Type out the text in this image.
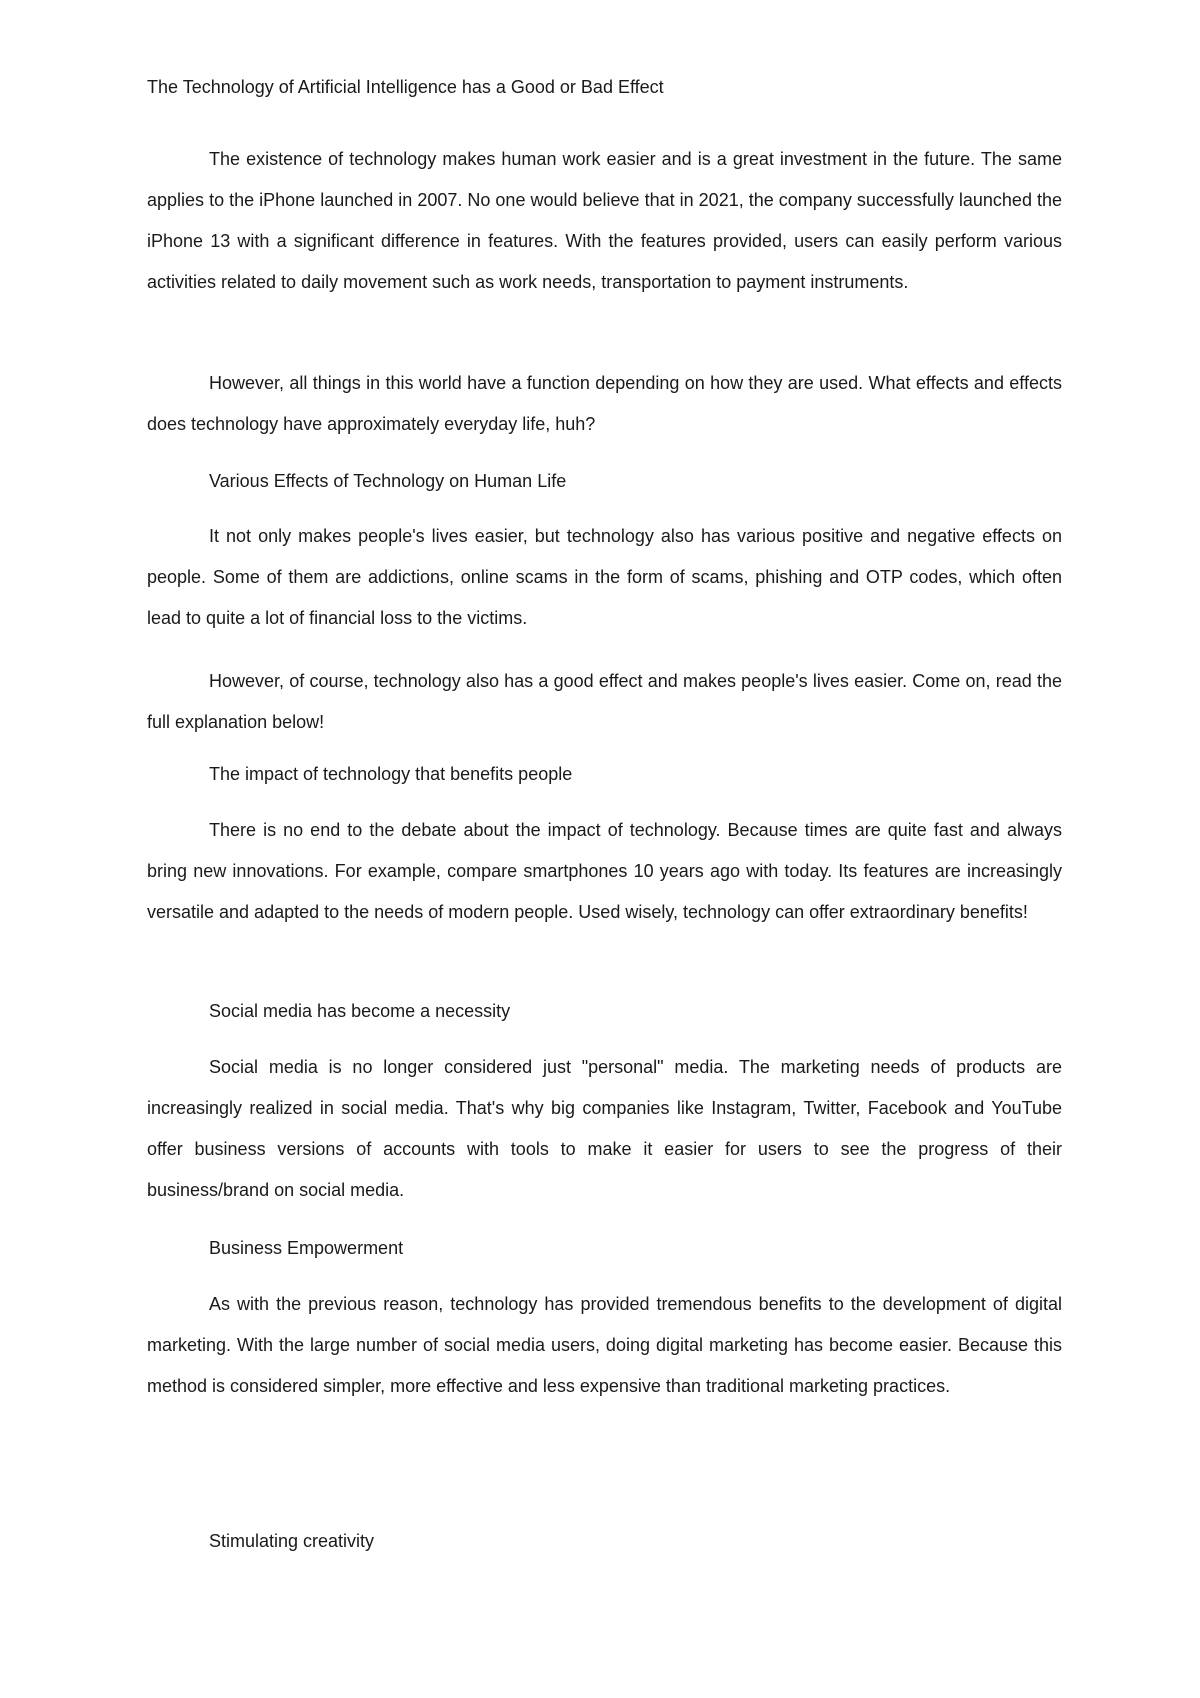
The Technology of Artificial Intelligence has a Good or Bad Effect

The existence of technology makes human work easier and is a great investment in the future. The same applies to the iPhone launched in 2007. No one would believe that in 2021, the company successfully launched the iPhone 13 with a significant difference in features. With the features provided, users can easily perform various activities related to daily movement such as work needs, transportation to payment instruments.

However, all things in this world have a function depending on how they are used. What effects and effects does technology have approximately everyday life, huh?

Various Effects of Technology on Human Life

It not only makes people's lives easier, but technology also has various positive and negative effects on people. Some of them are addictions, online scams in the form of scams, phishing and OTP codes, which often lead to quite a lot of financial loss to the victims.

However, of course, technology also has a good effect and makes people's lives easier. Come on, read the full explanation below!

The impact of technology that benefits people

There is no end to the debate about the impact of technology. Because times are quite fast and always bring new innovations. For example, compare smartphones 10 years ago with today. Its features are increasingly versatile and adapted to the needs of modern people. Used wisely, technology can offer extraordinary benefits!

Social media has become a necessity

Social media is no longer considered just "personal" media. The marketing needs of products are increasingly realized in social media. That's why big companies like Instagram, Twitter, Facebook and YouTube offer business versions of accounts with tools to make it easier for users to see the progress of their business/brand on social media.

Business Empowerment

As with the previous reason, technology has provided tremendous benefits to the development of digital marketing. With the large number of social media users, doing digital marketing has become easier. Because this method is considered simpler, more effective and less expensive than traditional marketing practices.

Stimulating creativity
